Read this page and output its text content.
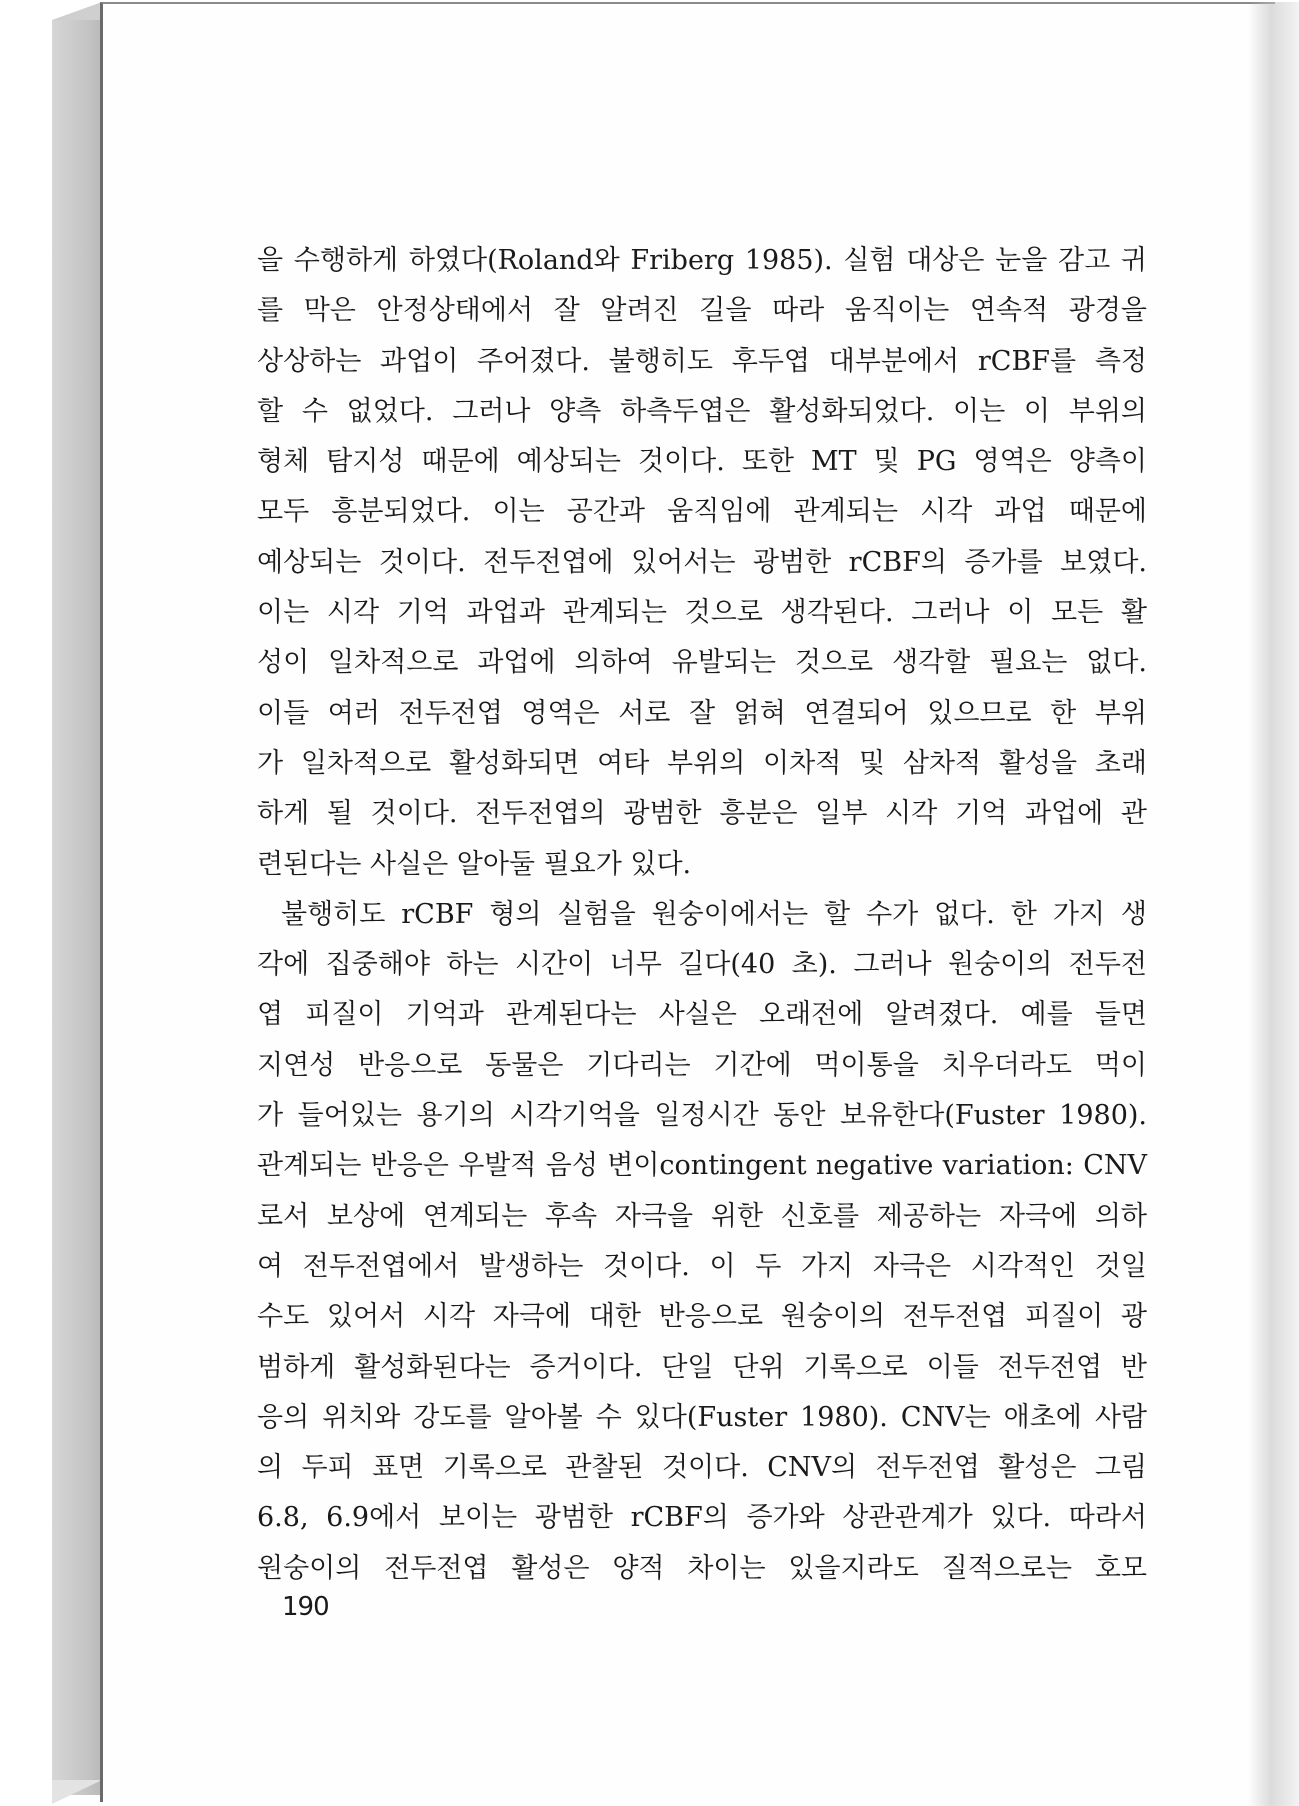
을 수행하게 하였다(Roland와 Friberg 1985). 실험 대상은 눈을 감고 귀
를 막은 안정상태에서 잘 알려진 길을 따라 움직이는 연속적 광경을
상상하는 과업이 주어졌다. 불행히도 후두엽 대부분에서 rCBF를 측정
할 수 없었다. 그러나 양측 하측두엽은 활성화되었다. 이는 이 부위의
형체 탐지성 때문에 예상되는 것이다. 또한 MT 및 PG 영역은 양측이
모두 흥분되었다. 이는 공간과 움직임에 관계되는 시각 과업 때문에
예상되는 것이다. 전두전엽에 있어서는 광범한 rCBF의 증가를 보였다.
이는 시각 기억 과업과 관계되는 것으로 생각된다. 그러나 이 모든 활
성이 일차적으로 과업에 의하여 유발되는 것으로 생각할 필요는 없다.
이들 여러 전두전엽 영역은 서로 잘 얽혀 연결되어 있으므로 한 부위
가 일차적으로 활성화되면 여타 부위의 이차적 및 삼차적 활성을 초래
하게 될 것이다. 전두전엽의 광범한 흥분은 일부 시각 기억 과업에 관
련된다는 사실은 알아둘 필요가 있다.
불행히도 rCBF 형의 실험을 원숭이에서는 할 수가 없다. 한 가지 생
각에 집중해야 하는 시간이 너무 길다(40 초). 그러나 원숭이의 전두전
엽 피질이 기억과 관계된다는 사실은 오래전에 알려졌다. 예를 들면
지연성 반응으로 동물은 기다리는 기간에 먹이통을 치우더라도 먹이
가 들어있는 용기의 시각기억을 일정시간 동안 보유한다(Fuster 1980).
관계되는 반응은 우발적 음성 변이contingent negative variation: CNV
로서 보상에 연계되는 후속 자극을 위한 신호를 제공하는 자극에 의하
여 전두전엽에서 발생하는 것이다. 이 두 가지 자극은 시각적인 것일
수도 있어서 시각 자극에 대한 반응으로 원숭이의 전두전엽 피질이 광
범하게 활성화된다는 증거이다. 단일 단위 기록으로 이들 전두전엽 반
응의 위치와 강도를 알아볼 수 있다(Fuster 1980). CNV는 애초에 사람
의 두피 표면 기록으로 관찰된 것이다. CNV의 전두전엽 활성은 그림
6.8, 6.9에서 보이는 광범한 rCBF의 증가와 상관관계가 있다. 따라서
원숭이의 전두전엽 활성은 양적 차이는 있을지라도 질적으로는 호모
190
